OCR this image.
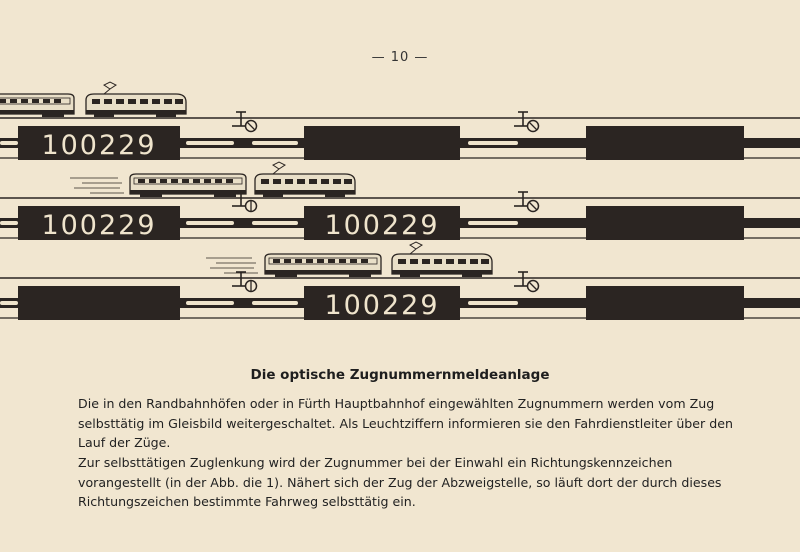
— 10 —
100229
100229	100229
100229
Die optische Zugnummernmeldeanlage
Die in den Randbahnhöfen oder in Fürth Hauptbahnhof eingewählten Zugnummern werden vom Zug selbsttätig im Gleisbild weitergeschaltet. Als Leuchtziffern informieren sie den Fahrdienstleiter über den Lauf der Züge.
Zur selbsttätigen Zuglenkung wird der Zugnummer bei der Einwahl ein Richtungskennzeichen vorangestellt (in der Abb. die 1). Nähert sich der Zug der Abzweigstelle, so läuft dort der durch dieses Richtungszeichen bestimmte Fahrweg selbsttätig ein.
